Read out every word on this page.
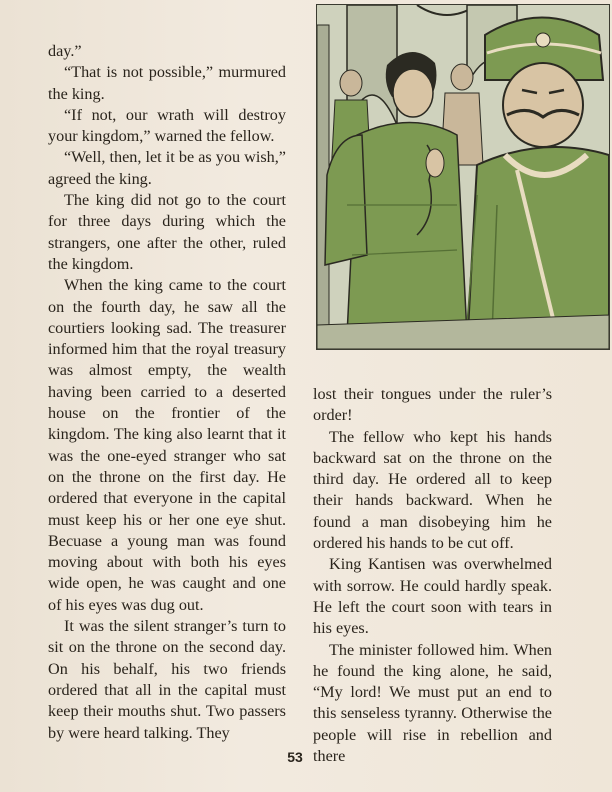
day.”

“That is not possible,” murmured the king.

“If not, our wrath will destroy your kingdom,” warned the fellow.

“Well, then, let it be as you wish,” agreed the king.

The king did not go to the court for three days during which the strangers, one after the other, ruled the kingdom.

When the king came to the court on the fourth day, he saw all the courtiers looking sad. The treasurer informed him that the royal treasury was almost empty, the wealth having been carried to a deserted house on the frontier of the kingdom. The king also learnt that it was the one-eyed stranger who sat on the throne on the first day. He ordered that everyone in the capital must keep his or her one eye shut. Becuase a young man was found moving about with both his eyes wide open, he was caught and one of his eyes was dug out.

It was the silent stranger’s turn to sit on the throne on the second day. On his behalf, his two friends ordered that all in the capital must keep their mouths shut. Two passers by were heard talking. They

lost their tongues under the ruler’s order!

The fellow who kept his hands backward sat on the throne on the third day. He ordered all to keep their hands backward. When he found a man disobeying him he ordered his hands to be cut off.

King Kantisen was overwhelmed with sorrow. He could hardly speak. He left the court soon with tears in his eyes.

The minister followed him. When he found the king alone, he said, “My lord! We must put an end to this senseless tyranny. Otherwise the people will rise in rebellion and there

53
